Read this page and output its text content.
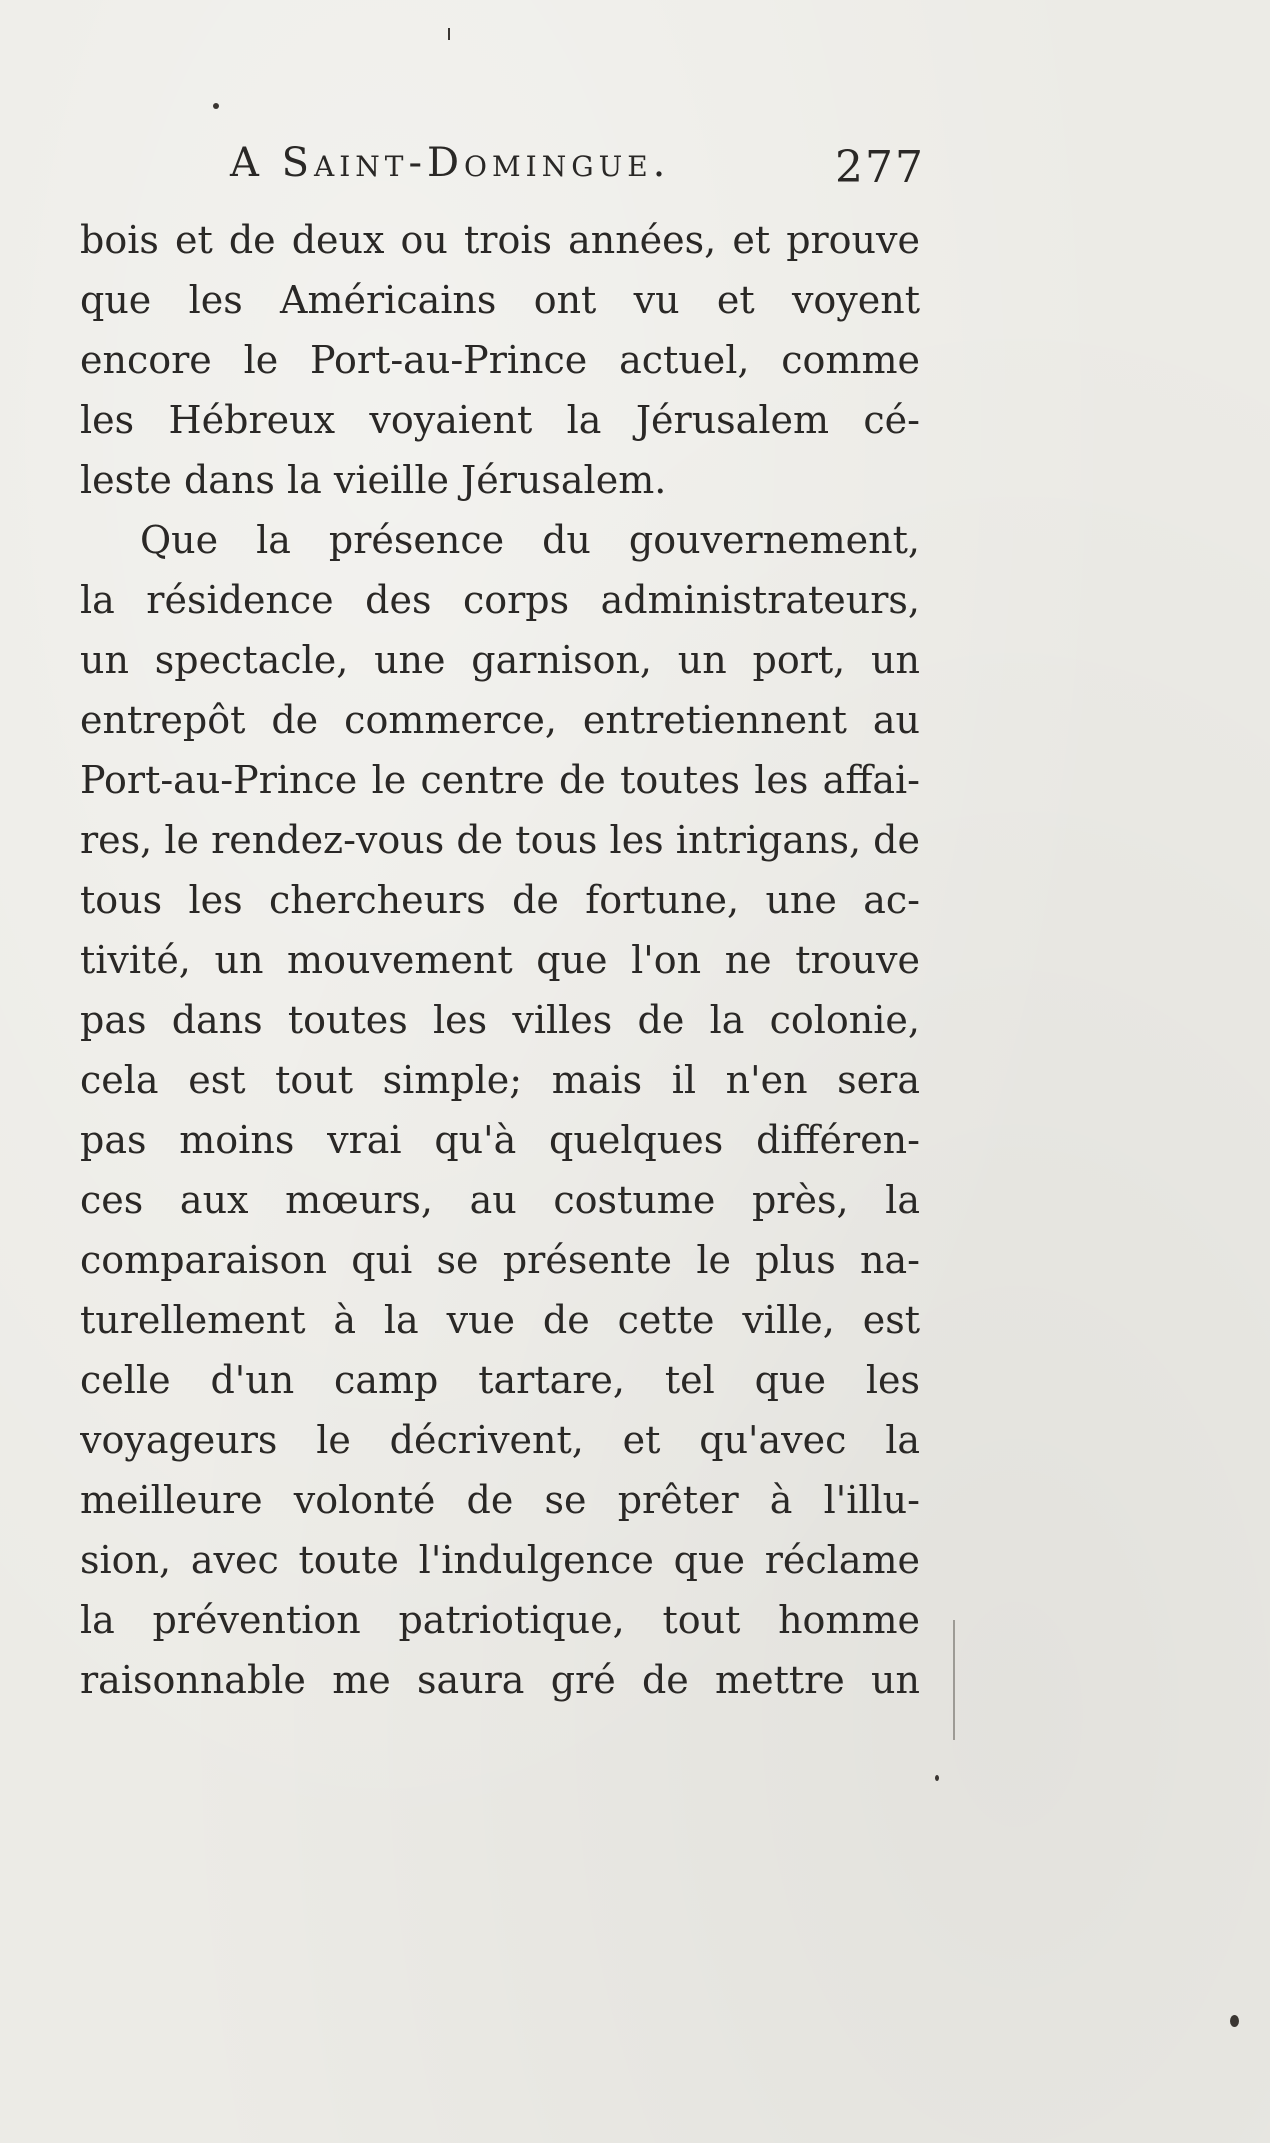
A Saint-Domingue.	277
bois et de deux ou trois années, et prouve
que les Américains ont vu et voyent
encore le Port-au-Prince actuel, comme
les Hébreux voyaient la Jérusalem cé-
leste dans la vieille Jérusalem.
Que la présence du gouvernement,
la résidence des corps administrateurs,
un spectacle, une garnison, un port, un
entrepôt de commerce, entretiennent au
Port-au-Prince le centre de toutes les affai-
res, le rendez-vous de tous les intrigans, de
tous les chercheurs de fortune, une ac-
tivité, un mouvement que l'on ne trouve
pas dans toutes les villes de la colonie,
cela est tout simple; mais il n'en sera
pas moins vrai qu'à quelques différen-
ces aux mœurs, au costume près, la
comparaison qui se présente le plus na-
turellement à la vue de cette ville, est
celle d'un camp tartare, tel que les
voyageurs le décrivent, et qu'avec la
meilleure volonté de se prêter à l'illu-
sion, avec toute l'indulgence que réclame
la prévention patriotique, tout homme
raisonnable me saura gré de mettre un
